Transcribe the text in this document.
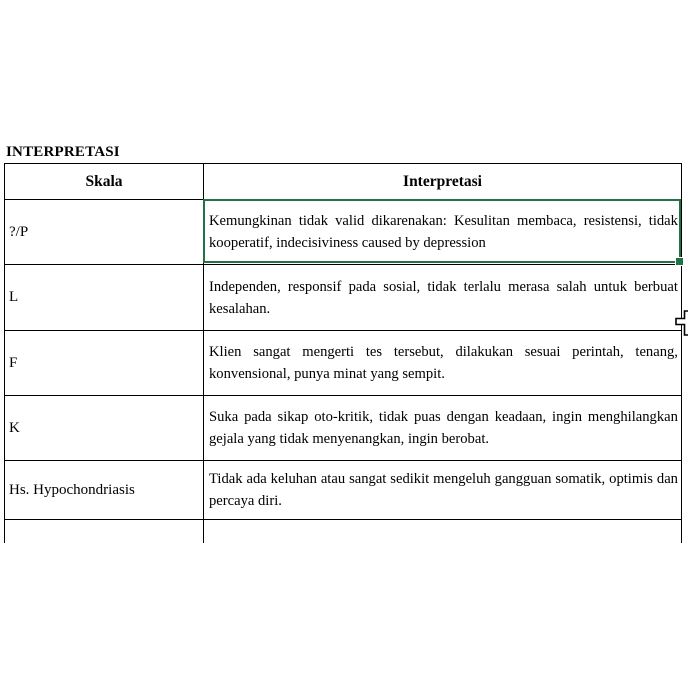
INTERPRETASI
Skala	Interpretasi
?/P
Kemungkinan tidak valid dikarenakan: Kesulitan membaca, resistensi, tidak
kooperatif, indecisiviness caused by depression
L
Independen, responsif pada sosial, tidak terlalu merasa salah untuk berbuat
kesalahan.
F
Klien sangat mengerti tes tersebut, dilakukan sesuai perintah, tenang,
konvensional, punya minat yang sempit.
K
Suka pada sikap oto-kritik, tidak puas dengan keadaan, ingin menghilangkan
gejala yang tidak menyenangkan, ingin berobat.
Hs. Hypochondriasis
Tidak ada keluhan atau sangat sedikit mengeluh gangguan somatik, optimis dan
percaya diri.
